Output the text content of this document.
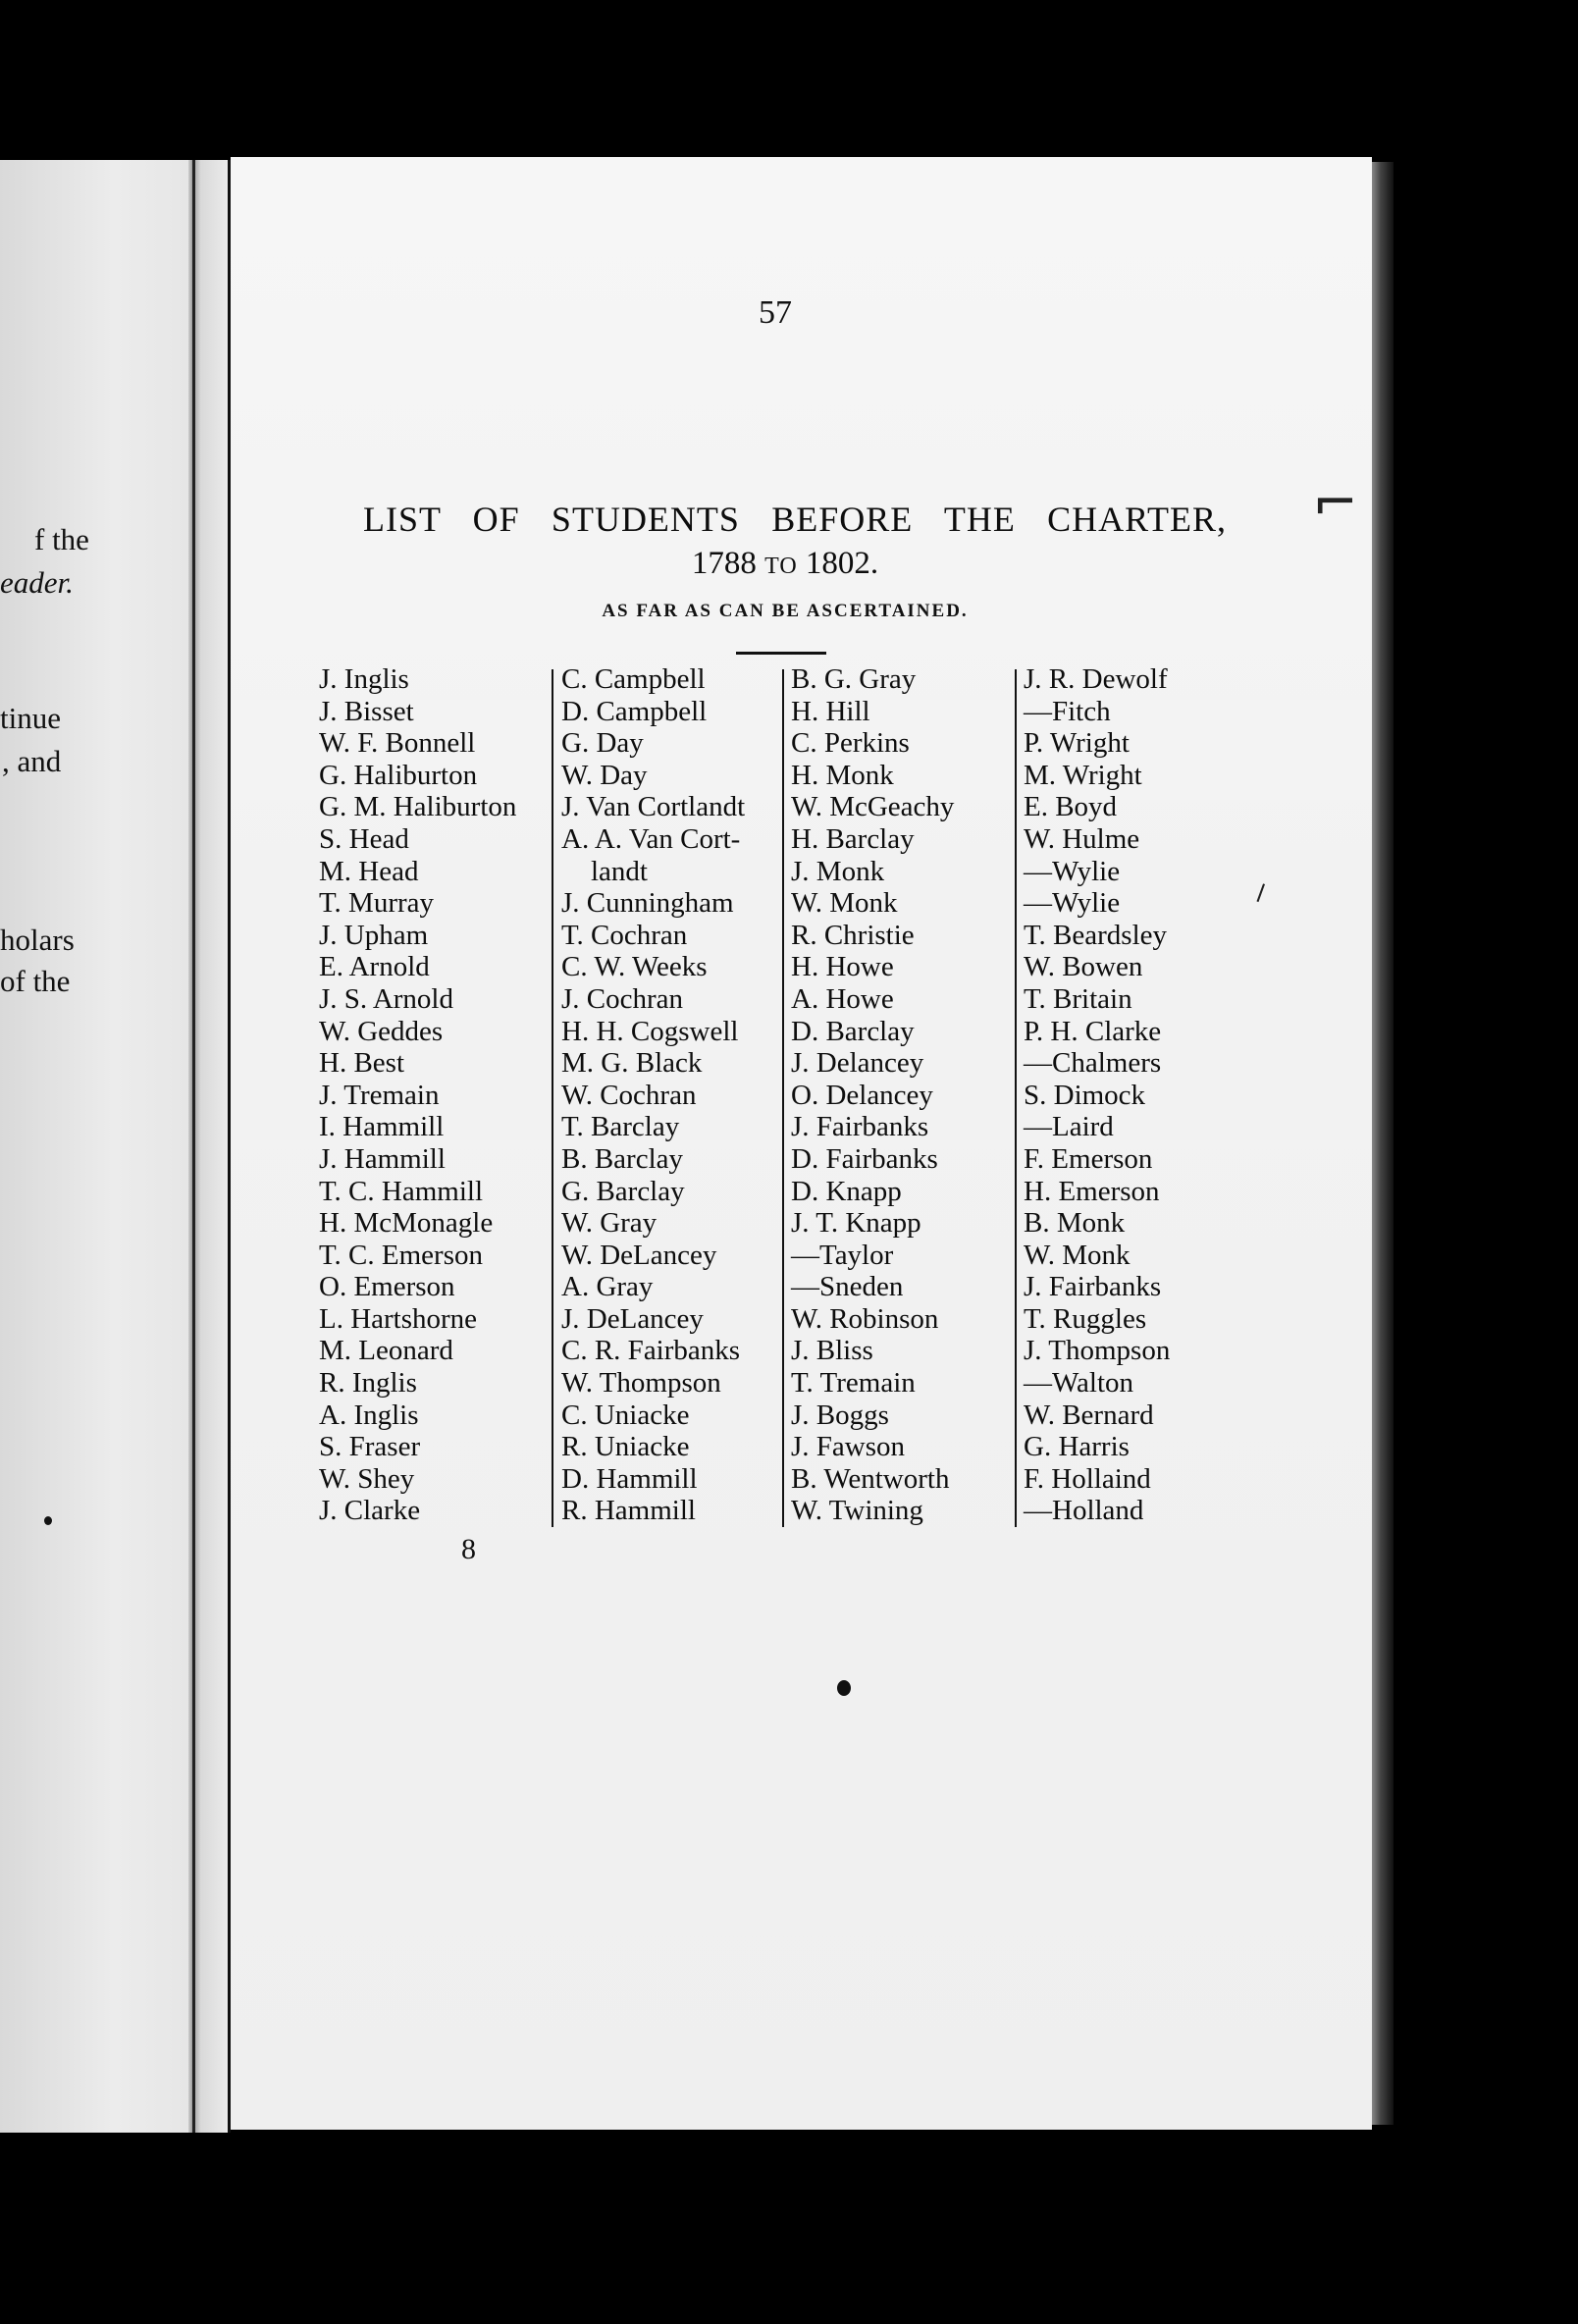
f the
eader.
tinue
, and
holars
of the
57
LIST OF STUDENTS BEFORE THE CHARTER,
1788 TO 1802.
AS FAR AS CAN BE ASCERTAINED.
J. Inglis
J. Bisset
W. F. Bonnell
G. Haliburton
G. M. Haliburton
S. Head
M. Head
T. Murray
J. Upham
E. Arnold
J. S. Arnold
W. Geddes
H. Best
J. Tremain
I. Hammill
J. Hammill
T. C. Hammill
H. McMonagle
T. C. Emerson
O. Emerson
L. Hartshorne
M. Leonard
R. Inglis
A. Inglis
S. Fraser
W. Shey
J. Clarke
C. Campbell
D. Campbell
G. Day
W. Day
J. Van Cortlandt
A. A. Van Cort-
landt
J. Cunningham
T. Cochran
C. W. Weeks
J. Cochran
H. H. Cogswell
M. G. Black
W. Cochran
T. Barclay
B. Barclay
G. Barclay
W. Gray
W. DeLancey
A. Gray
J. DeLancey
C. R. Fairbanks
W. Thompson
C. Uniacke
R. Uniacke
D. Hammill
R. Hammill
B. G. Gray
H. Hill
C. Perkins
H. Monk
W. McGeachy
H. Barclay
J. Monk
W. Monk
R. Christie
H. Howe
A. Howe
D. Barclay
J. Delancey
O. Delancey
J. Fairbanks
D. Fairbanks
D. Knapp
J. T. Knapp
—Taylor
—Sneden
W. Robinson
J. Bliss
T. Tremain
J. Boggs
J. Fawson
B. Wentworth
W. Twining
J. R. Dewolf
—Fitch
P. Wright
M. Wright
E. Boyd
W. Hulme
—Wylie
—Wylie
T. Beardsley
W. Bowen
T. Britain
P. H. Clarke
—Chalmers
S. Dimock
—Laird
F. Emerson
H. Emerson
B. Monk
W. Monk
J. Fairbanks
T. Ruggles
J. Thompson
—Walton
W. Bernard
G. Harris
F. Hollaind
—Holland
8
⌐
⸝
